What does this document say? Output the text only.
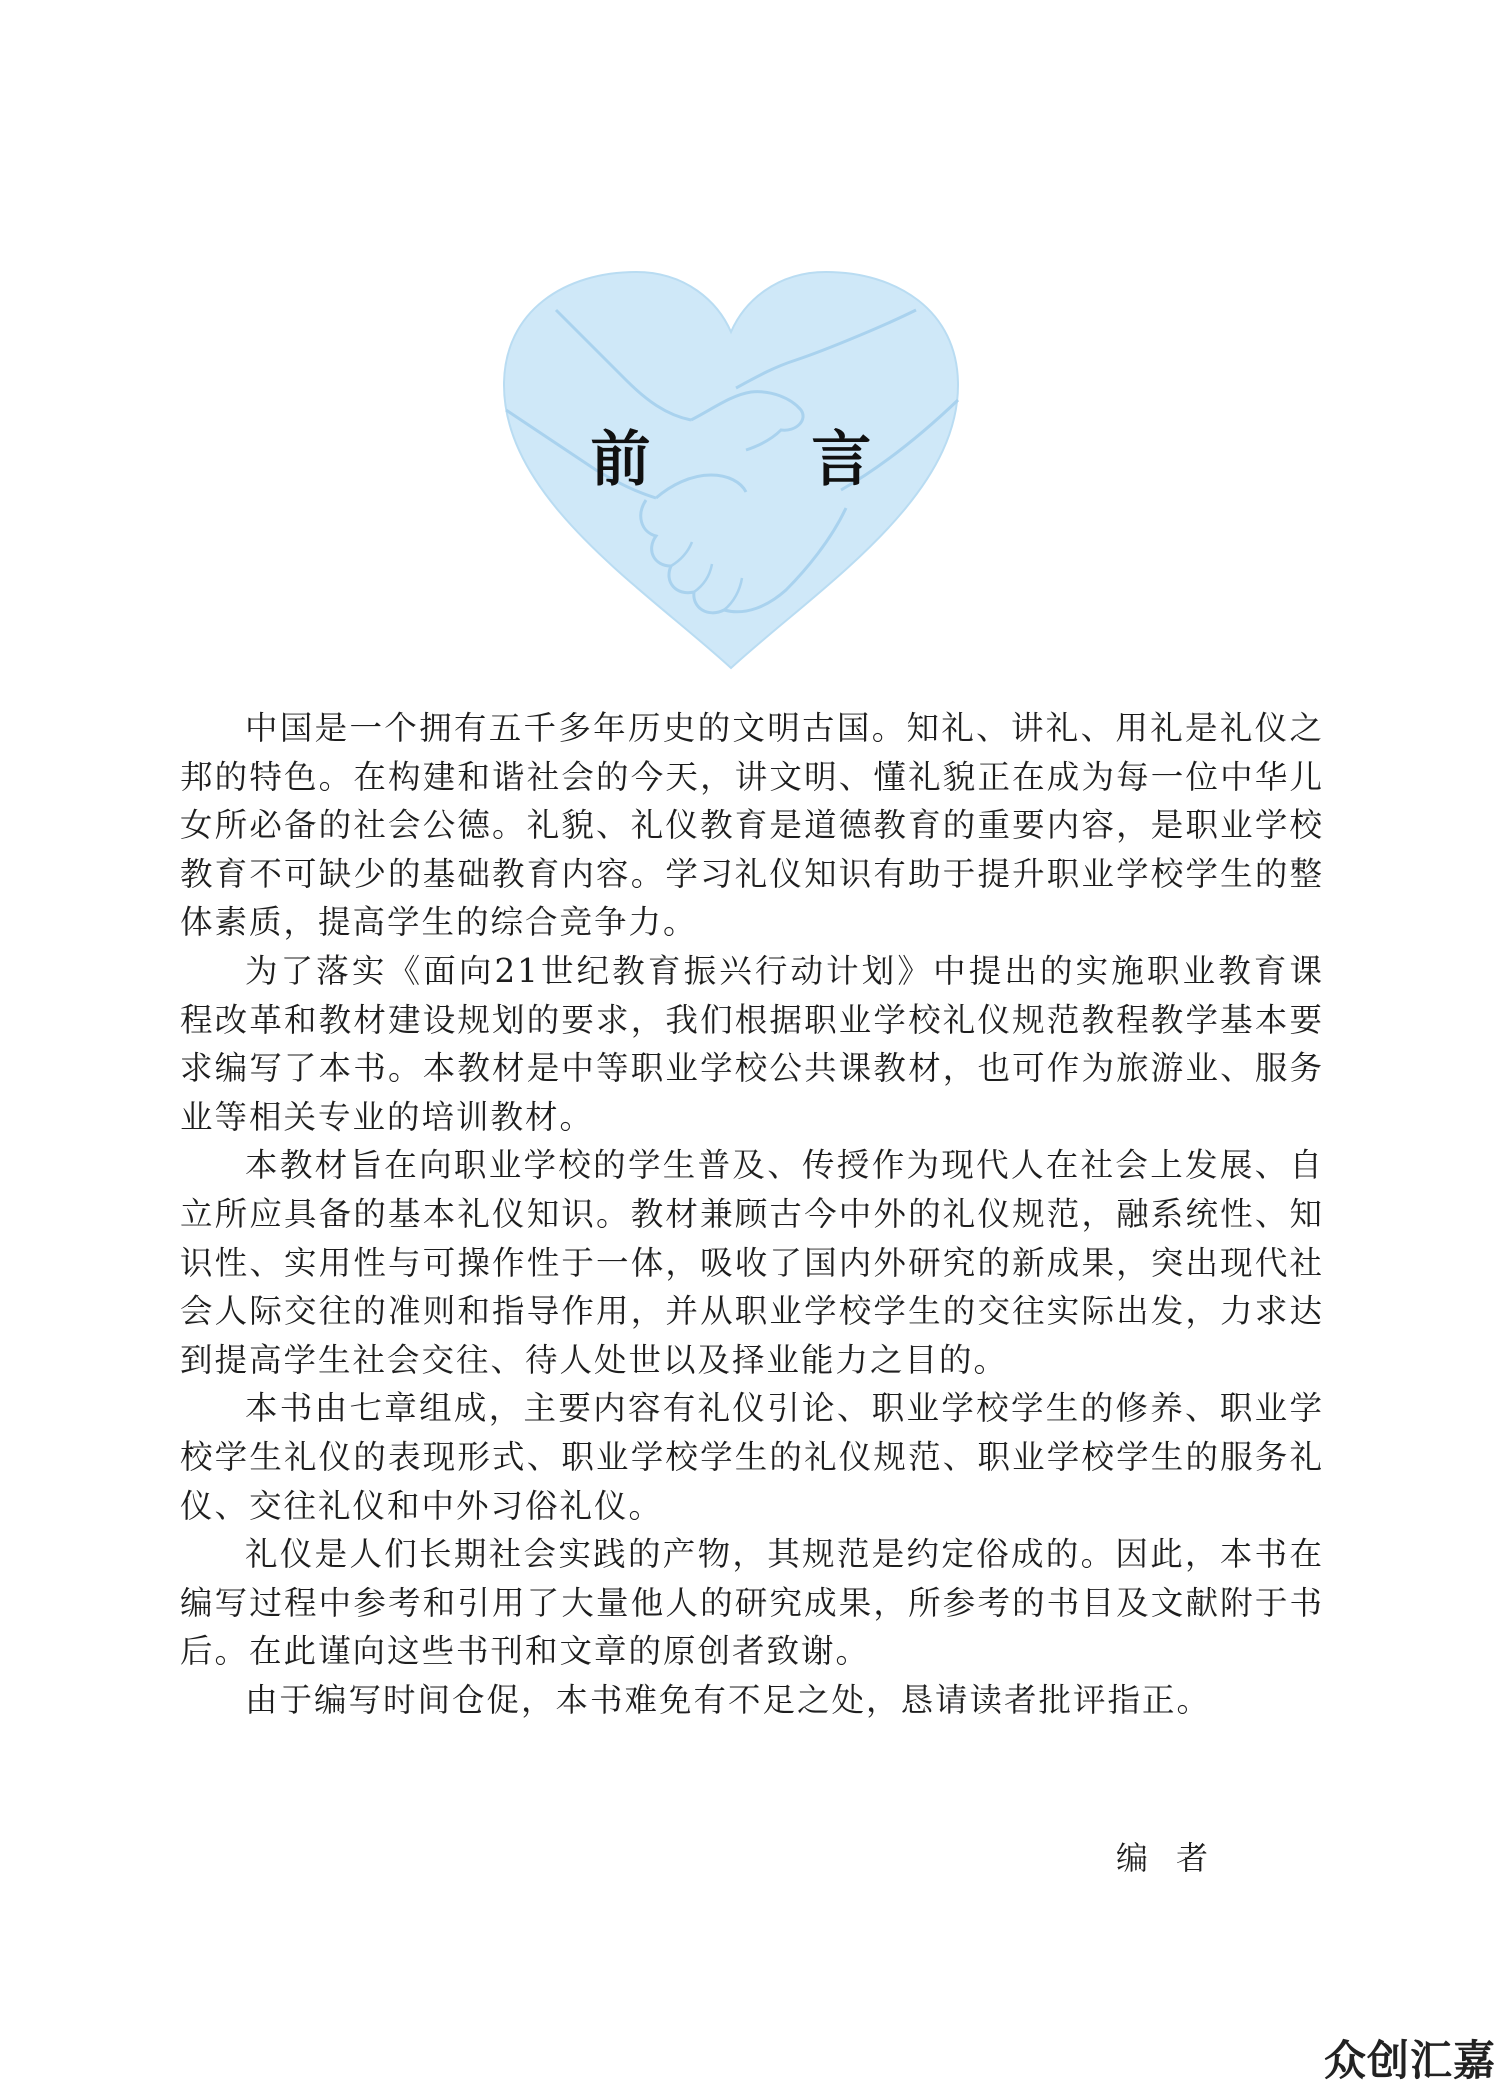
前 言

中国是一个拥有五千多年历史的文明古国。知礼、讲礼、用礼是礼仪之邦的特色。在构建和谐社会的今天，讲文明、懂礼貌正在成为每一位中华儿女所必备的社会公德。礼貌、礼仪教育是道德教育的重要内容，是职业学校教育不可缺少的基础教育内容。学习礼仪知识有助于提升职业学校学生的整体素质，提高学生的综合竞争力。

为了落实《面向21世纪教育振兴行动计划》中提出的实施职业教育课程改革和教材建设规划的要求，我们根据职业学校礼仪规范教程教学基本要求编写了本书。本教材是中等职业学校公共课教材，也可作为旅游业、服务业等相关专业的培训教材。

本教材旨在向职业学校的学生普及、传授作为现代人在社会上发展、自立所应具备的基本礼仪知识。教材兼顾古今中外的礼仪规范，融系统性、知识性、实用性与可操作性于一体，吸收了国内外研究的新成果，突出现代社会人际交往的准则和指导作用，并从职业学校学生的交往实际出发，力求达到提高学生社会交往、待人处世以及择业能力之目的。

本书由七章组成，主要内容有礼仪引论、职业学校学生的修养、职业学校学生礼仪的表现形式、职业学校学生的礼仪规范、职业学校学生的服务礼仪、交往礼仪和中外习俗礼仪。

礼仪是人们长期社会实践的产物，其规范是约定俗成的。因此，本书在编写过程中参考和引用了大量他人的研究成果，所参考的书目及文献附于书后。在此谨向这些书刊和文章的原创者致谢。

由于编写时间仓促，本书难免有不足之处，恳请读者批评指正。

编者

众创汇嘉
